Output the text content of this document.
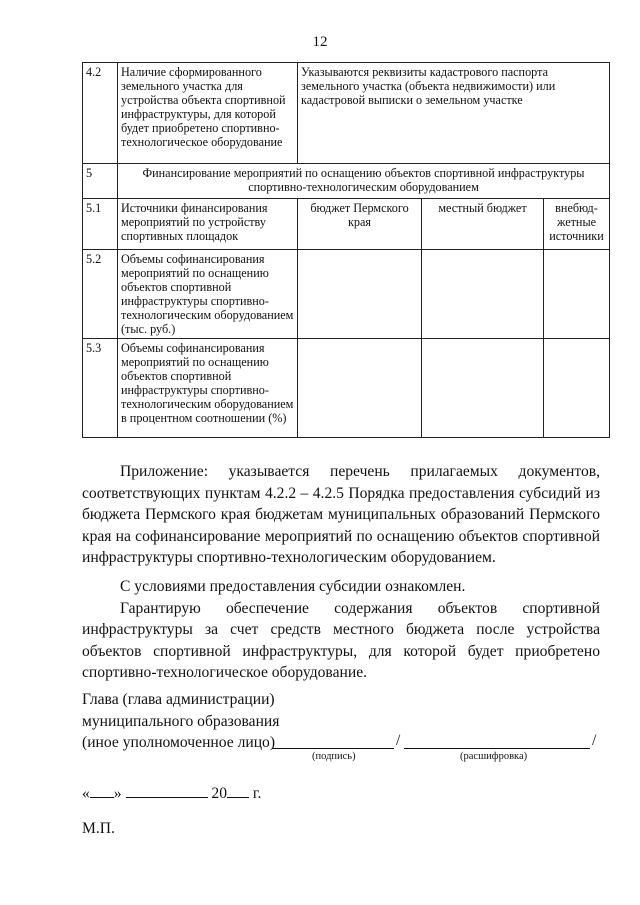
12
4.2	Наличие сформированного земельного участка для устройства объекта спортивной инфраструктуры, для которой будет приобретено спортивно-технологическое оборудование	Указываются реквизиты кадастрового паспорта земельного участка (объекта недвижимости) или кадастровой выписки о земельном участке		
5	Финансирование мероприятий по оснащению объектов спортивной инфраструктуры спортивно-технологическим оборудованием			
5.1	Источники финансирования мероприятий по устройству спортивных площадок	бюджет Пермского края	местный бюджет	внебюд-жетные источники
5.2	Объемы софинансирования мероприятий по оснащению объектов спортивной инфраструктуры спортивно-технологическим оборудованием (тыс. руб.)			
5.3	Объемы софинансирования мероприятий по оснащению объектов спортивной инфраструктуры спортивно-технологическим оборудованием в процентном соотношении (%)			
Приложение: указывается перечень прилагаемых документов, соответствующих пунктам 4.2.2 – 4.2.5 Порядка предоставления субсидий из бюджета Пермского края бюджетам муниципальных образований Пермского края на софинансирование мероприятий по оснащению объектов спортивной инфраструктуры спортивно-технологическим оборудованием.
С условиями предоставления субсидии ознакомлен.
Гарантирую обеспечение содержания объектов спортивной инфраструктуры за счет средств местного бюджета после устройства объектов спортивной инфраструктуры, для которой будет приобретено спортивно-технологическое оборудование.
Глава (глава администрации)
муниципального образования
(иное уполномоченное лицо)	/	/
(подпись)	(расшифровка)
« »	20 г.
М.П.
